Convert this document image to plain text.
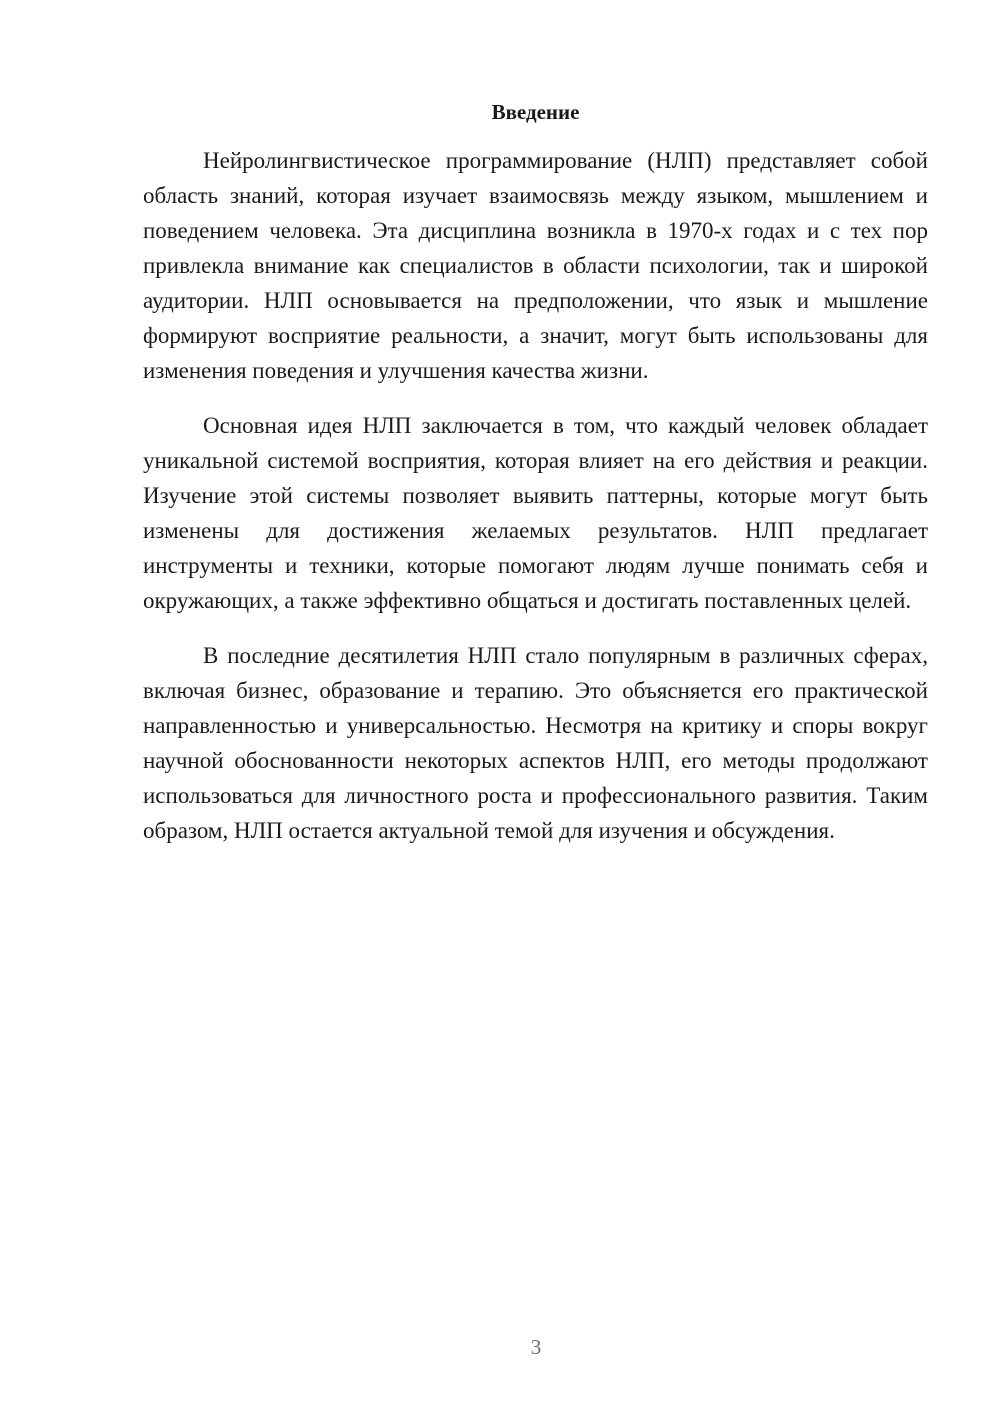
Введение

Нейролингвистическое программирование (НЛП) представляет собой область знаний, которая изучает взаимосвязь между языком, мышлением и поведением человека. Эта дисциплина возникла в 1970-х годах и с тех пор привлекла внимание как специалистов в области психологии, так и широкой аудитории. НЛП основывается на предположении, что язык и мышление формируют восприятие реальности, а значит, могут быть использованы для изменения поведения и улучшения качества жизни.

Основная идея НЛП заключается в том, что каждый человек обладает уникальной системой восприятия, которая влияет на его действия и реакции. Изучение этой системы позволяет выявить паттерны, которые могут быть изменены для достижения желаемых результатов. НЛП предлагает инструменты и техники, которые помогают людям лучше понимать себя и окружающих, а также эффективно общаться и достигать поставленных целей.

В последние десятилетия НЛП стало популярным в различных сферах, включая бизнес, образование и терапию. Это объясняется его практической направленностью и универсальностью. Несмотря на критику и споры вокруг научной обоснованности некоторых аспектов НЛП, его методы продолжают использоваться для личностного роста и профессионального развития. Таким образом, НЛП остается актуальной темой для изучения и обсуждения.

3
